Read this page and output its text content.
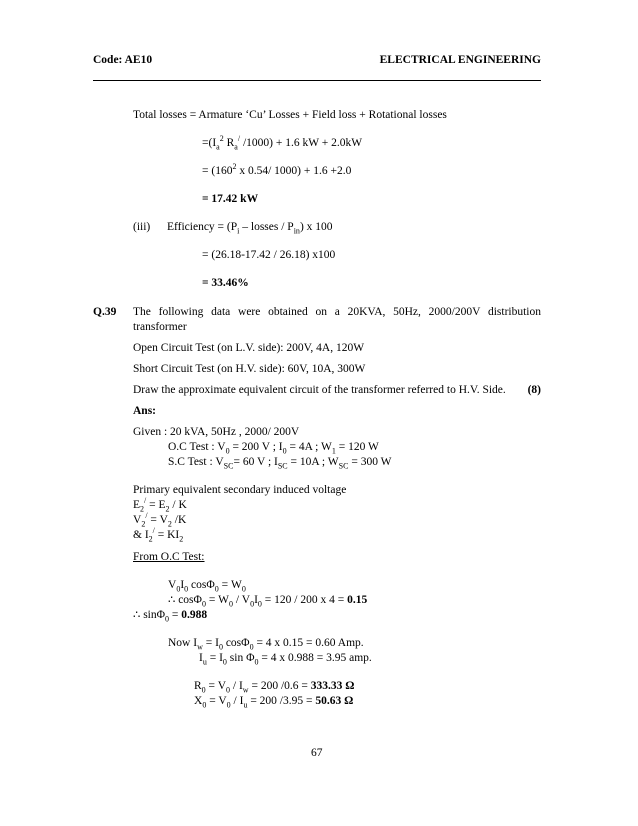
Code: AE10	ELECTRICAL ENGINEERING
Total losses = Armature ‘Cu’ Losses + Field loss + Rotational losses
$=(I_a^2$ $R_a^/$ /1000) + 1.6 kW + 2.0kW
= ($160^2$ x 0.54/ 1000) + 1.6 +2.0
= 17.42 kW
(iii) Efficiency = ($P_i$ – losses / $P_{in}$) x 100
= (26.18-17.42 / 26.18) x100
= 33.46%
Q.39 The following data were obtained on a 20KVA, 50Hz, 2000/200V distribution
transformer
Open Circuit Test (on L.V. side): 200V, 4A, 120W
Short Circuit Test (on H.V. side): 60V, 10A, 300W
Draw the approximate equivalent circuit of the transformer referred to H.V. Side. (8)
Ans:
Given : 20 kVA, 50Hz , 2000/ 200V
O.C Test : $V_0 = 200$ V ; $I_0 = 4A$ ; $W_1 = 120$ W
S.C Test : $V_{SC}= 60$ V ; $I_{SC} = 10A$ ; $W_{SC} = 300$ W
Primary equivalent secondary induced voltage
$E_2^/ = E_2 / K$
$V_2^/ = V_2$ /K
& $I_2^/ = KI_2$
From O.C Test:
$V_0I_0$ $\cos\Phi_0 = W_0$
∴ $\cos\Phi_0 = W_0 / V_0I_0 = 120 / 200$ x 4 = 0.15
∴ sinΦ$_0$ = 0.988
Now $I_w = I_0$ cosΦ$_0$ = 4 x 0.15 = 0.60 Amp.
$I_u = I_0$ $\sin \Phi_0 = 4$ x 0.988 = 3.95 amp.
$R_0 = V_0 / I_w = 200$ /0.6 = 333.33 Ω
$X_0 = V_0 / I_u = 200$ /3.95 = 50.63 Ω
67
